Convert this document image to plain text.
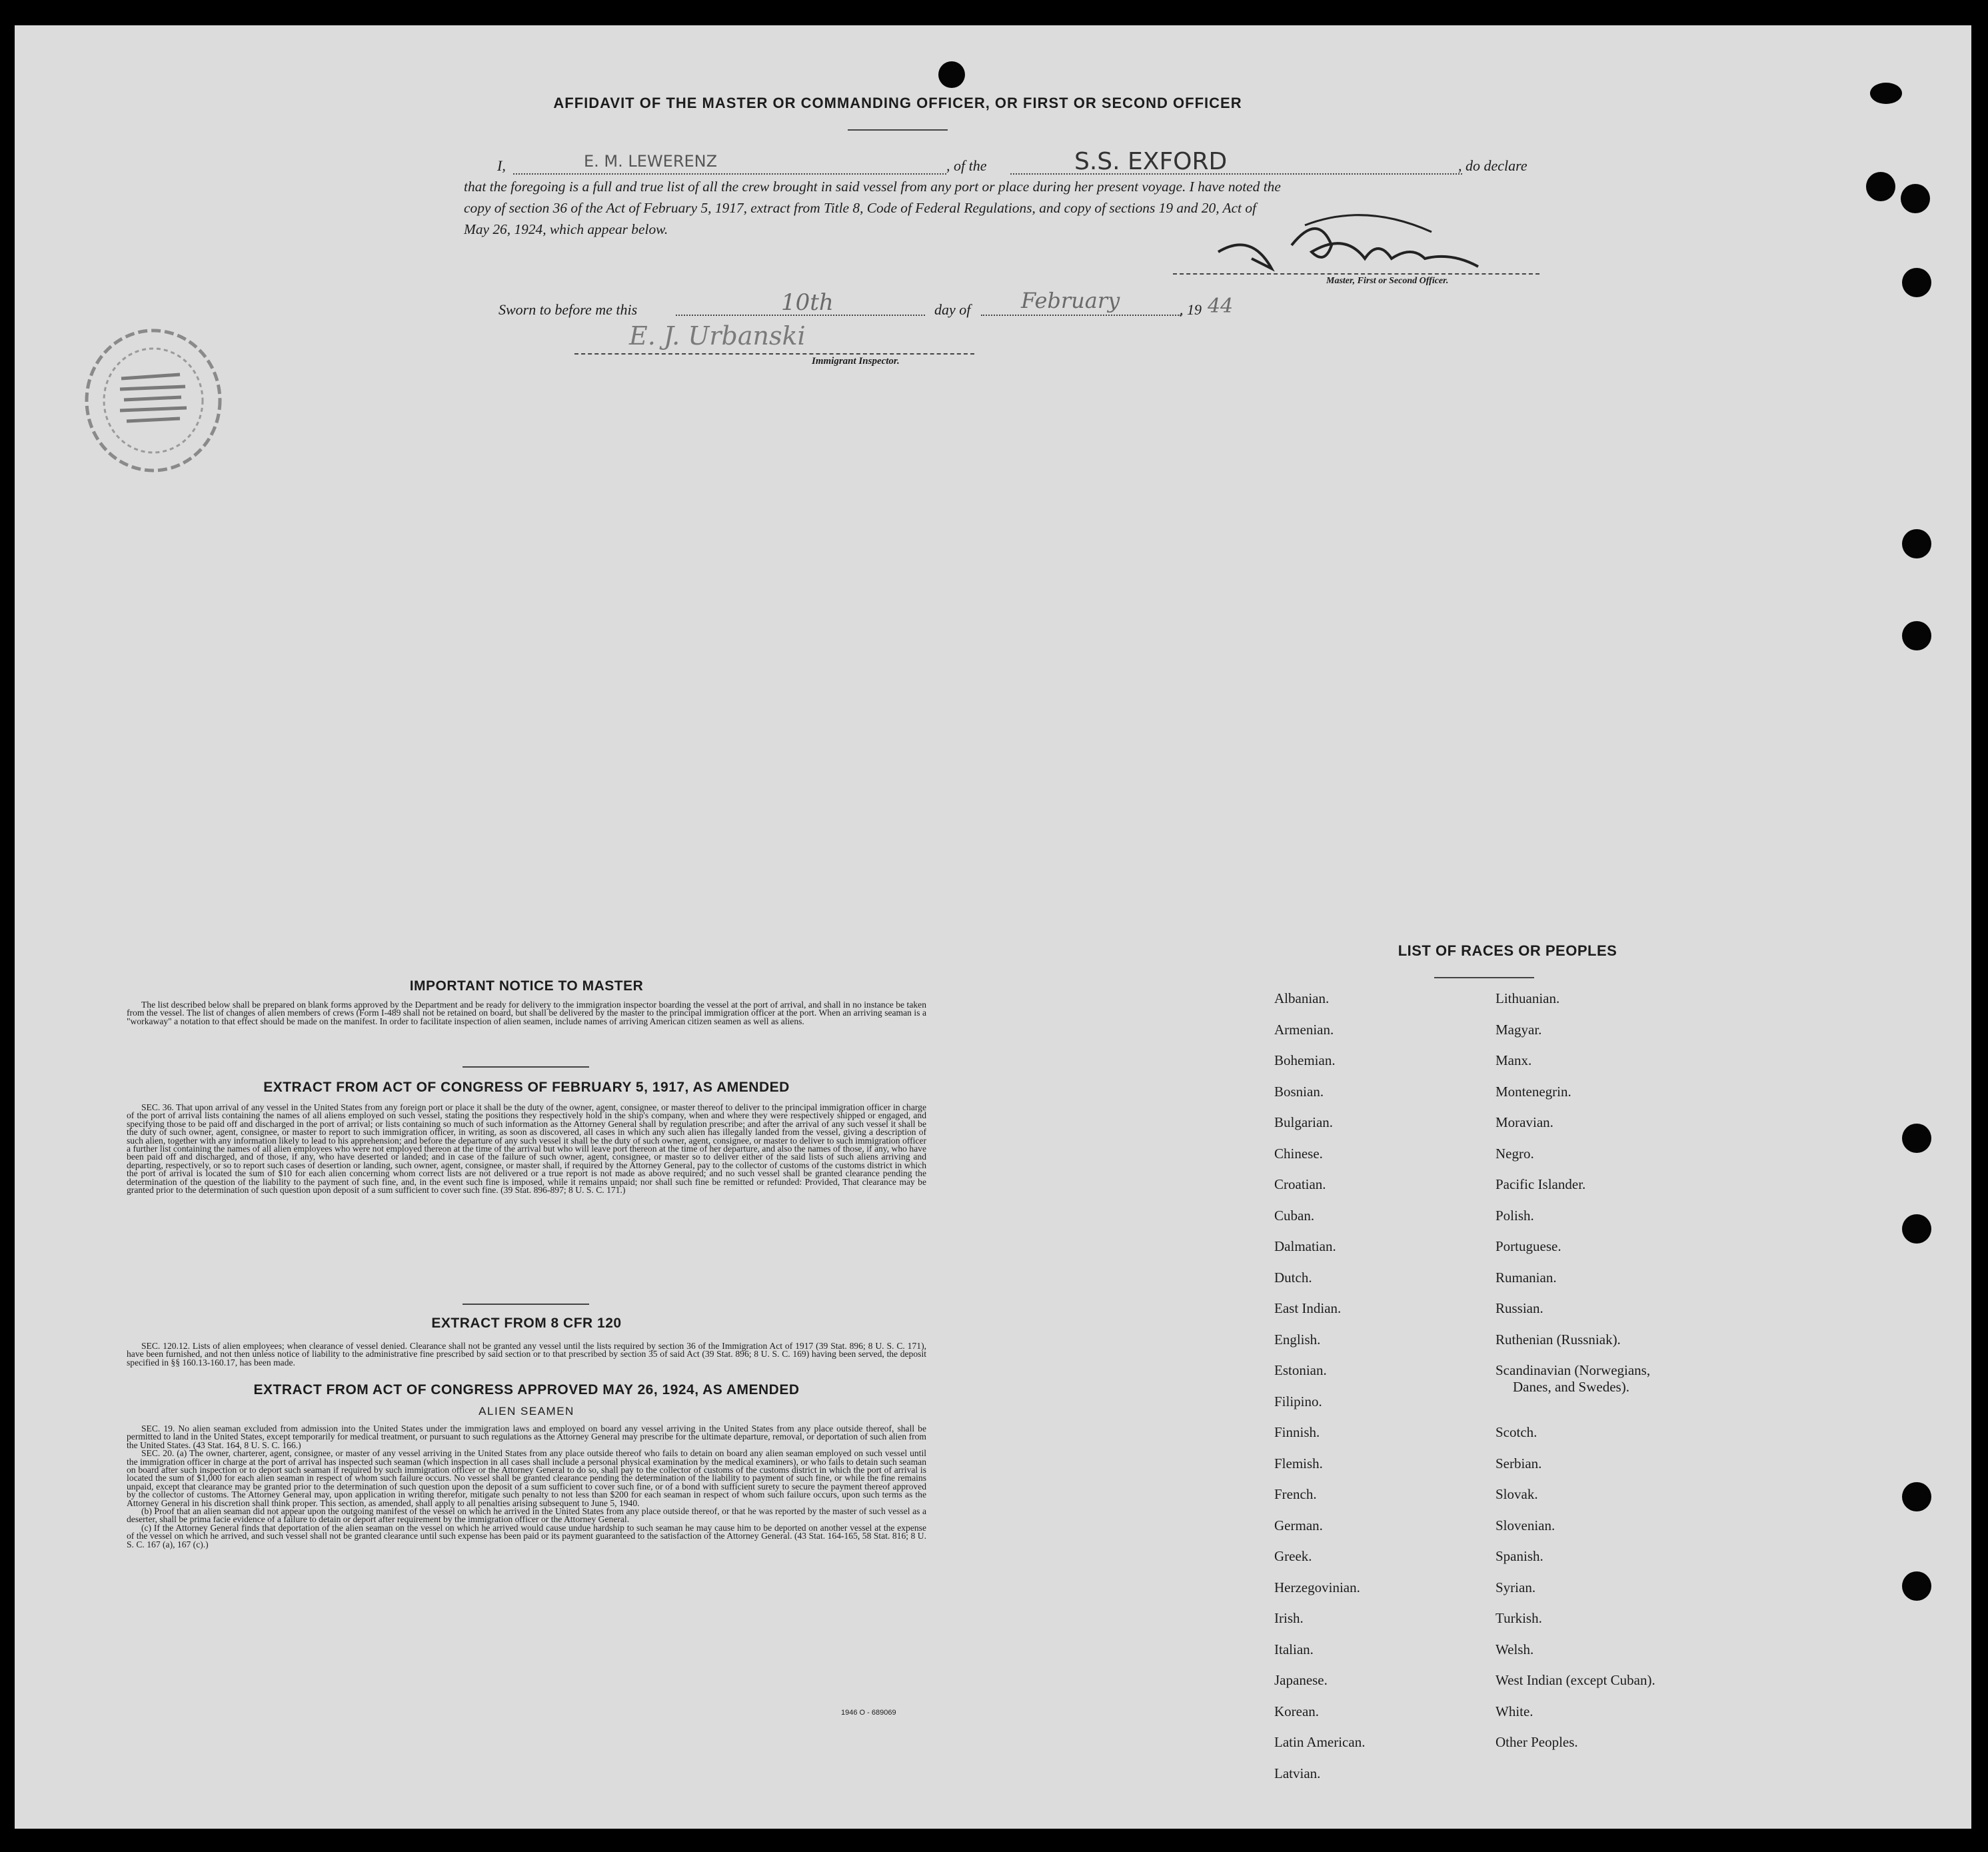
AFFIDAVIT OF THE MASTER OR COMMANDING OFFICER, OR FIRST OR SECOND OFFICER
I,	E. M. LEWERENZ	, of the	S.S. EXFORD	, do declare
that the foregoing is a full and true list of all the crew brought in said vessel from any port or place during her present voyage. I have noted the
copy of section 36 of the Act of February 5, 1917, extract from Title 8, Code of Federal Regulations, and copy of sections 19 and 20, Act of
May 26, 1924, which appear below.
Master, First or Second Officer.
Sworn to before me this	10th	day of February	, 19 44
E. J. Urbanski
Immigrant Inspector.
IMPORTANT NOTICE TO MASTER

The list described below shall be prepared on blank forms approved by the Department and be ready for delivery to the immigration inspector boarding the vessel at the port of arrival, and shall in no instance be taken from the vessel. The list of changes of alien members of crews (Form I-489 shall not be retained on board, but shall be delivered by the master to the principal immigration officer at the port. When an arriving seaman is a "workaway" a notation to that effect should be made on the manifest. In order to facilitate inspection of alien seamen, include names of arriving American citizen seamen as well as aliens.

EXTRACT FROM ACT OF CONGRESS OF FEBRUARY 5, 1917, AS AMENDED

SEC. 36. That upon arrival of any vessel in the United States from any foreign port or place it shall be the duty of the owner, agent, consignee, or master thereof to deliver to the principal immigration officer in charge of the port of arrival lists containing the names of all aliens employed on such vessel, stating the positions they respectively hold in the ship's company, when and where they were respectively shipped or engaged, and specifying those to be paid off and discharged in the port of arrival; or lists containing so much of such information as the Attorney General shall by regulation prescribe; and after the arrival of any such vessel it shall be the duty of such owner, agent, consignee, or master to report to such immigration officer, in writing, as soon as discovered, all cases in which any such alien has illegally landed from the vessel, giving a description of such alien, together with any information likely to lead to his apprehension; and before the departure of any such vessel it shall be the duty of such owner, agent, consignee, or master to deliver to such immigration officer a further list containing the names of all alien employees who were not employed thereon at the time of the arrival but who will leave port thereon at the time of her departure, and also the names of those, if any, who have been paid off and discharged, and of those, if any, who have deserted or landed; and in case of the failure of such owner, agent, consignee, or master so to deliver either of the said lists of such aliens arriving and departing, respectively, or so to report such cases of desertion or landing, such owner, agent, consignee, or master shall, if required by the Attorney General, pay to the collector of customs of the customs district in which the port of arrival is located the sum of $10 for each alien concerning whom correct lists are not delivered or a true report is not made as above required; and no such vessel shall be granted clearance pending the determination of the question of the liability to the payment of such fine, and, in the event such fine is imposed, while it remains unpaid; nor shall such fine be remitted or refunded: Provided, That clearance may be granted prior to the determination of such question upon deposit of a sum sufficient to cover such fine. (39 Stat. 896-897; 8 U. S. C. 171.)

EXTRACT FROM 8 CFR 120

SEC. 120.12. Lists of alien employees; when clearance of vessel denied. Clearance shall not be granted any vessel until the lists required by section 36 of the Immigration Act of 1917 (39 Stat. 896; 8 U. S. C. 171), have been furnished, and not then unless notice of liability to the administrative fine prescribed by said section or to that prescribed by section 35 of said Act (39 Stat. 896; 8 U. S. C. 169) having been served, the deposit specified in §§ 160.13-160.17, has been made.

EXTRACT FROM ACT OF CONGRESS APPROVED MAY 26, 1924, AS AMENDED
ALIEN SEAMEN

SEC. 19. No alien seaman excluded from admission into the United States under the immigration laws and employed on board any vessel arriving in the United States from any place outside thereof, shall be permitted to land in the United States, except temporarily for medical treatment, or pursuant to such regulations as the Attorney General may prescribe for the ultimate departure, removal, or deportation of such alien from the United States. (43 Stat. 164, 8 U. S. C. 166.)

SEC. 20. (a) The owner, charterer, agent, consignee, or master of any vessel arriving in the United States from any place outside thereof who fails to detain on board any alien seaman employed on such vessel until the immigration officer in charge at the port of arrival has inspected such seaman (which inspection in all cases shall include a personal physical examination by the medical examiners), or who fails to detain such seaman on board after such inspection or to deport such seaman if required by such immigration officer or the Attorney General to do so, shall pay to the collector of customs of the customs district in which the port of arrival is located the sum of $1,000 for each alien seaman in respect of whom such failure occurs. No vessel shall be granted clearance pending the determination of the liability to payment of such fine, or while the fine remains unpaid, except that clearance may be granted prior to the determination of such question upon the deposit of a sum sufficient to cover such fine, or of a bond with sufficient surety to secure the payment thereof approved by the collector of customs. The Attorney General may, upon application in writing therefor, mitigate such penalty to not less than $200 for each seaman in respect of whom such failure occurs, upon such terms as the Attorney General in his discretion shall think proper. This section, as amended, shall apply to all penalties arising subsequent to June 5, 1940.

(b) Proof that an alien seaman did not appear upon the outgoing manifest of the vessel on which he arrived in the United States from any place outside thereof, or that he was reported by the master of such vessel as a deserter, shall be prima facie evidence of a failure to detain or deport after requirement by the immigration officer or the Attorney General.

(c) If the Attorney General finds that deportation of the alien seaman on the vessel on which he arrived would cause undue hardship to such seaman he may cause him to be deported on another vessel at the expense of the vessel on which he arrived, and such vessel shall not be granted clearance until such expense has been paid or its payment guaranteed to the satisfaction of the Attorney General. (43 Stat. 164-165, 58 Stat. 816; 8 U. S. C. 167 (a), 167 (c).)

1946 O - 689069
LIST OF RACES OR PEOPLES
Albanian.
Armenian.
Bohemian.
Bosnian.
Bulgarian.
Chinese.
Croatian.
Cuban.
Dalmatian.
Dutch.
East Indian.
English.
Estonian.
Filipino.
Finnish.
Flemish.
French.
German.
Greek.
Herzegovinian.
Irish.
Italian.
Japanese.
Korean.
Latin American.
Latvian.
Lithuanian.
Magyar.
Manx.
Montenegrin.
Moravian.
Negro.
Pacific Islander.
Polish.
Portuguese.
Rumanian.
Russian.
Ruthenian (Russniak).
Scandinavian (Norwegians,
Danes, and Swedes).
Scotch.
Serbian.
Slovak.
Slovenian.
Spanish.
Syrian.
Turkish.
Welsh.
West Indian (except Cuban).
White.
Other Peoples.
